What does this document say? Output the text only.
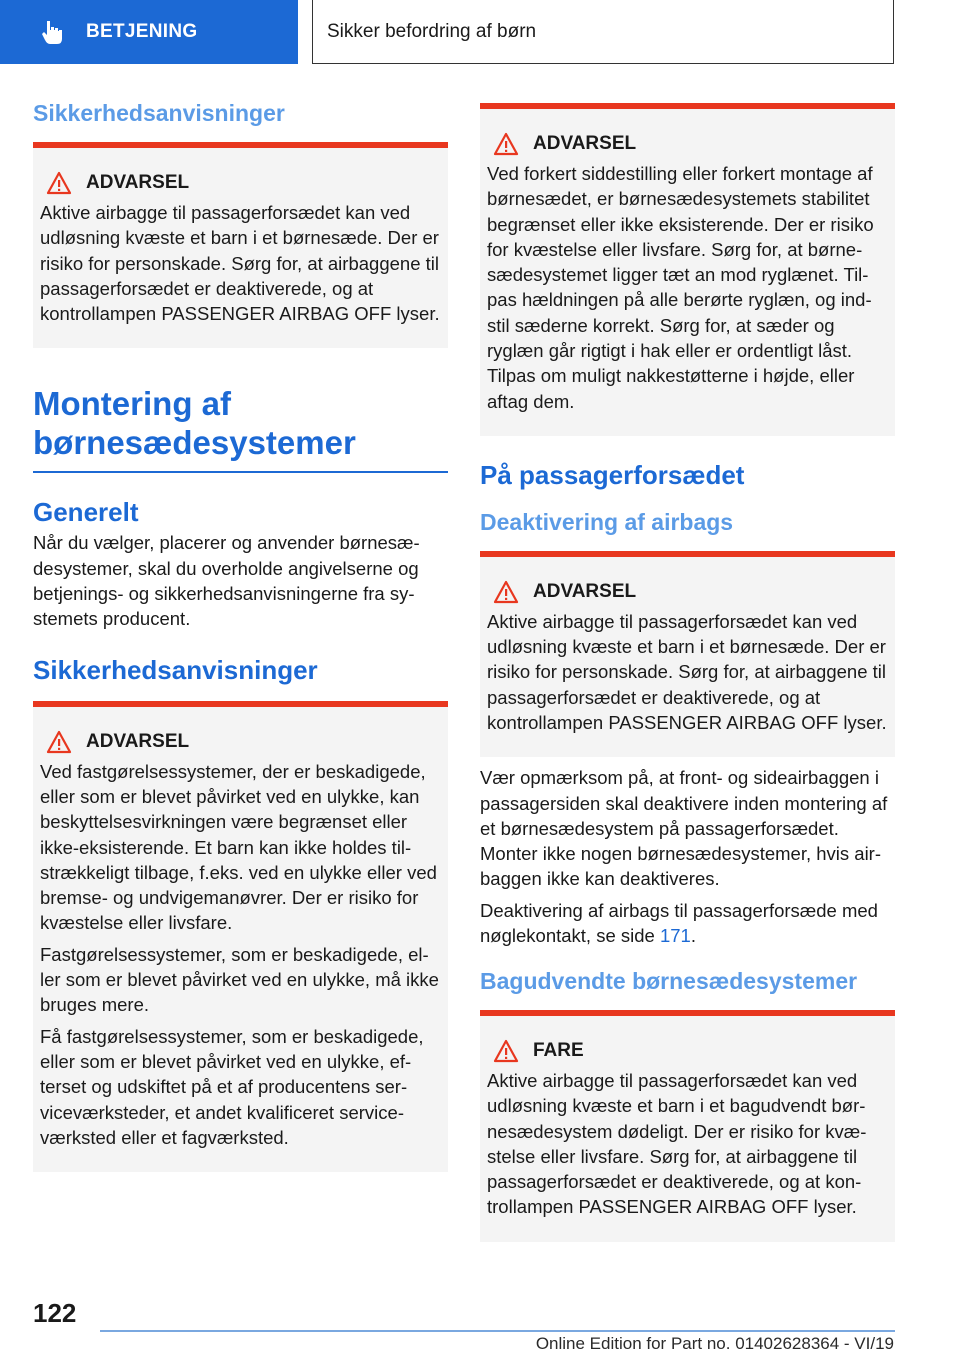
BETJENING	Sikker befordring af børn
Sikkerhedsanvisninger
ADVARSEL

Aktive airbagge til passagerforsædet kan ved udløsning kvæste et barn i et børnesæde. Der er risiko for personskade. Sørg for, at airbaggene til passagerforsædet er deaktiverede, og at kontrollampen PASSENGER AIRBAG OFF lyser.

Montering af
børnesædesystemer
Generelt

Når du vælger, placerer og anvender børnesædesystemer, skal du overholde angivelserne og betjenings- og sikkerhedsanvisningerne fra systemets producent.

Sikkerhedsanvisninger
ADVARSEL

Ved fastgørelsessystemer, der er beskadigede, eller som er blevet påvirket ved en ulykke, kan beskyttelsesvirkningen være begrænset eller ikke-eksisterende. Et barn kan ikke holdes tilstrækkeligt tilbage, f.eks. ved en ulykke eller ved bremse- og undvigemanøvrer. Der er risiko for kvæstelse eller livsfare.

Fastgørelsessystemer, som er beskadigede, eller som er blevet påvirket ved en ulykke, må ikke bruges mere.

Få fastgørelsessystemer, som er beskadigede, eller som er blevet påvirket ved en ulykke, efterset og udskiftet på et af producentens serviceværksteder, et andet kvalificeret serviceværksted eller et fagværksted.

ADVARSEL

Ved forkert siddestilling eller forkert montage af børnesædet, er børnesædesystemets stabilitet begrænset eller ikke eksisterende. Der er risiko for kvæstelse eller livsfare. Sørg for, at børnesædesystemet ligger tæt an mod ryglænet. Tilpas hældningen på alle berørte ryglæn, og indstil sæderne korrekt. Sørg for, at sæder og ryglæn går rigtigt i hak eller er ordentligt låst. Tilpas om muligt nakkestøtterne i højde, eller aftag dem.

På passagerforsædet
Deaktivering af airbags
ADVARSEL

Aktive airbagge til passagerforsædet kan ved udløsning kvæste et barn i et børnesæde. Der er risiko for personskade. Sørg for, at airbaggene til passagerforsædet er deaktiverede, og at kontrollampen PASSENGER AIRBAG OFF lyser.

Vær opmærksom på, at front- og sideairbaggen i passagersiden skal deaktivere inden montering af et børnesædesystem på passagerforsædet. Monter ikke nogen børnesædesystemer, hvis airbaggen ikke kan deaktiveres.

Deaktivering af airbags til passagerforsæde med nøglekontakt, se side 171.

Bagudvendte børnesædesystemer
FARE

Aktive airbagge til passagerforsædet kan ved udløsning kvæste et barn i et bagudvendt børnesædesystem dødeligt. Der er risiko for kvæstelse eller livsfare. Sørg for, at airbaggene til passagerforsædet er deaktiverede, og at kontrollampen PASSENGER AIRBAG OFF lyser.

122
Online Edition for Part no. 01402628364 - VI/19
